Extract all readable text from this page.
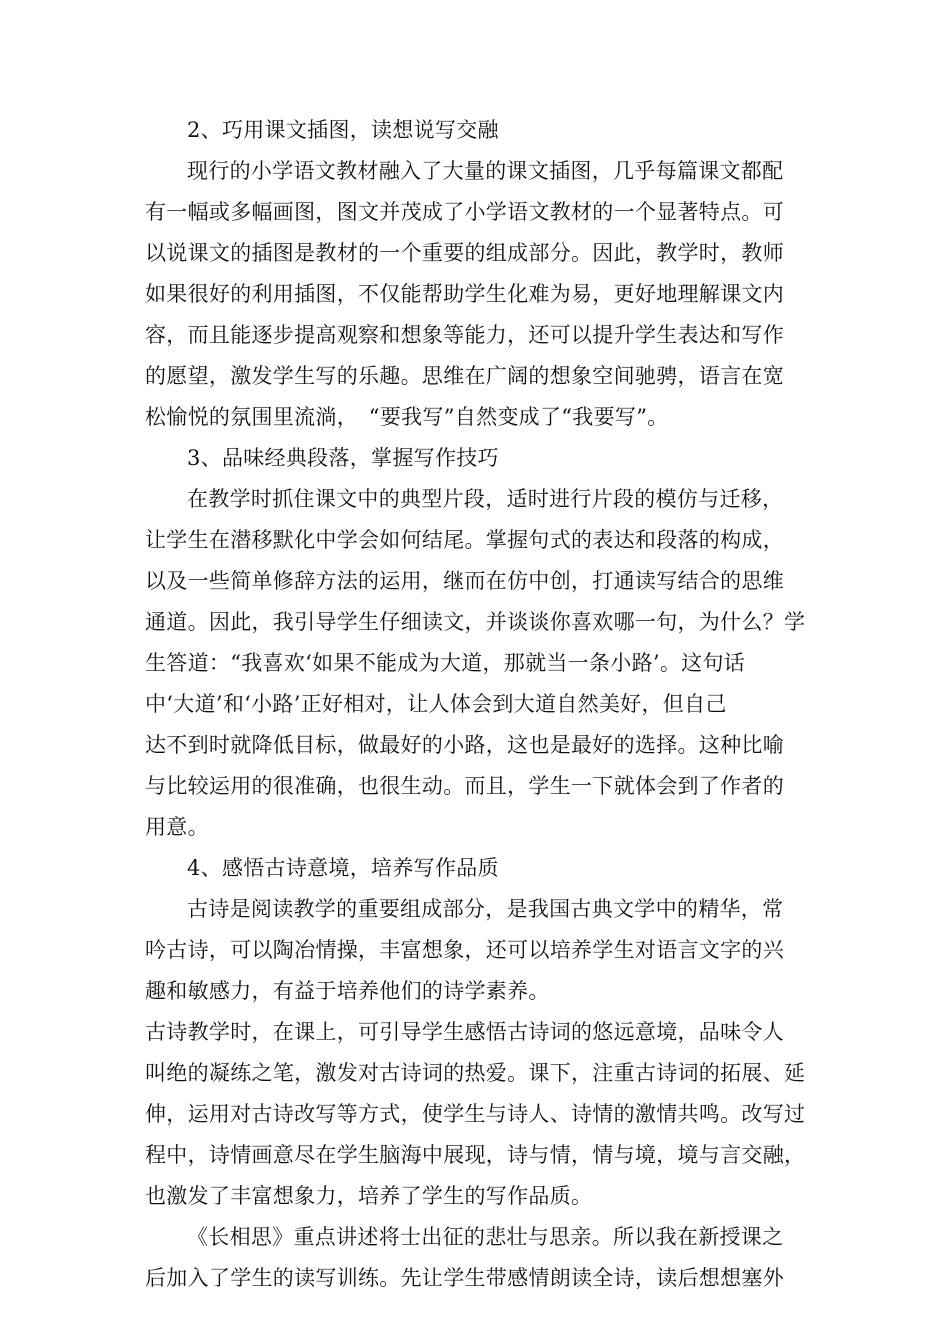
2、巧用课文插图，读想说写交融
现行的小学语文教材融入了大量的课文插图，几乎每篇课文都配
有一幅或多幅画图，图文并茂成了小学语文教材的一个显著特点。可
以说课文的插图是教材的一个重要的组成部分。因此，教学时，教师
如果很好的利用插图，不仅能帮助学生化难为易，更好地理解课文内
容，而且能逐步提高观察和想象等能力，还可以提升学生表达和写作
的愿望，激发学生写的乐趣。思维在广阔的想象空间驰骋，语言在宽
松愉悦的氛围里流淌，　“要我写”自然变成了“我要写”。
3、品味经典段落，掌握写作技巧
在教学时抓住课文中的典型片段，适时进行片段的模仿与迁移，
让学生在潜移默化中学会如何结尾。掌握句式的表达和段落的构成，
以及一些简单修辞方法的运用，继而在仿中创，打通读写结合的思维
通道。因此，我引导学生仔细读文，并谈谈你喜欢哪一句，为什么？学
生答道：“我喜欢‘如果不能成为大道，那就当一条小路’。这句话
中‘大道’和‘小路’正好相对，让人体会到大道自然美好，但自己
达不到时就降低目标，做最好的小路，这也是最好的选择。这种比喻
与比较运用的很准确，也很生动。而且，学生一下就体会到了作者的
用意。
4、感悟古诗意境，培养写作品质
古诗是阅读教学的重要组成部分，是我国古典文学中的精华，常
吟古诗，可以陶冶情操，丰富想象，还可以培养学生对语言文字的兴
趣和敏感力，有益于培养他们的诗学素养。
古诗教学时，在课上，可引导学生感悟古诗词的悠远意境，品味令人
叫绝的凝练之笔，激发对古诗词的热爱。课下，注重古诗词的拓展、延
伸，运用对古诗改写等方式，使学生与诗人、诗情的激情共鸣。改写过
程中，诗情画意尽在学生脑海中展现，诗与情，情与境，境与言交融，
也激发了丰富想象力，培养了学生的写作品质。
《长相思》重点讲述将士出征的悲壮与思亲。所以我在新授课之
后加入了学生的读写训练。先让学生带感情朗读全诗，读后想想塞外
